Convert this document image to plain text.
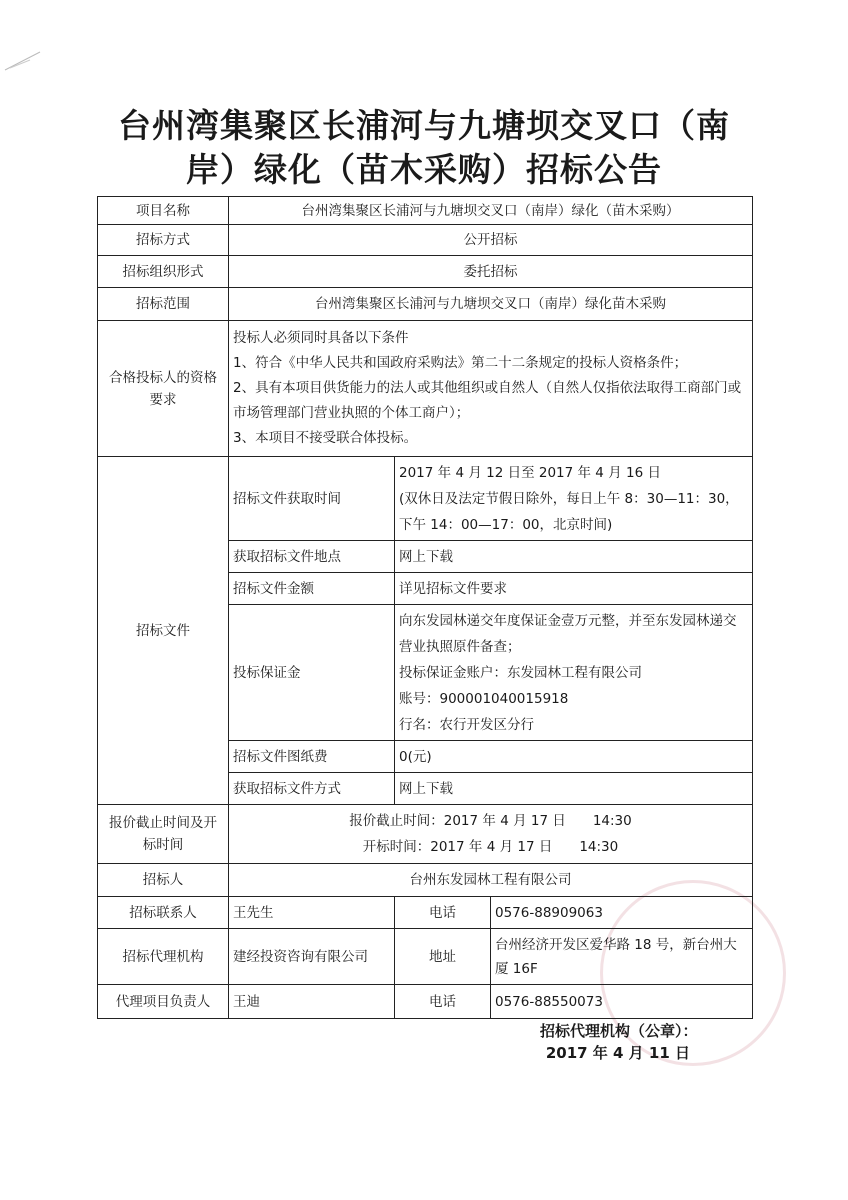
台州湾集聚区长浦河与九塘坝交叉口（南
岸）绿化（苗木采购）招标公告
项目名称	台州湾集聚区长浦河与九塘坝交叉口（南岸）绿化（苗木采购）		
招标方式	公开招标		
招标组织形式	委托招标		
招标范围	台州湾集聚区长浦河与九塘坝交叉口（南岸）绿化苗木采购		

合格投标人的资格
要求	投标人必须同时具备以下条件
1、符合《中华人民共和国政府采购法》第二十二条规定的投标人资格条件；
2、具有本项目供货能力的法人或其他组织或自然人（自然人仅指依法取得工商部门或市场管理部门营业执照的个体工商户）；
3、本项目不接受联合体投标。		

招标文件	招标文件获取时间	2017 年 4 月 12 日至 2017 年 4 月 16 日
(双休日及法定节假日除外，每日上午 8：30—11：30，下午 14：00—17：00，北京时间)	

	获取招标文件地点	网上下载	
	招标文件金额	详见招标文件要求	
	投标保证金	向东发园林递交年度保证金壹万元整，并至东发园林递交营业执照原件备查；
投标保证金账户：东发园林工程有限公司
账号：900001040015918
行名：农行开发区分行	

	招标文件图纸费	0(元)	
	获取招标文件方式	网上下载	

报价截止时间及开
标时间	报价截止时间：2017 年 4 月 17 日　　14:30
开标时间：2017 年 4 月 17 日　　14:30		

招标人	台州东发园林工程有限公司		
招标联系人	王先生	电话	0576-88909063
招标代理机构	建经投资咨询有限公司	地址	台州经济开发区爱华路 18 号，新台州大厦 16F
代理项目负责人	王迪	电话	0576-88550073
招标代理机构（公章）：
2017 年 4 月 11 日
